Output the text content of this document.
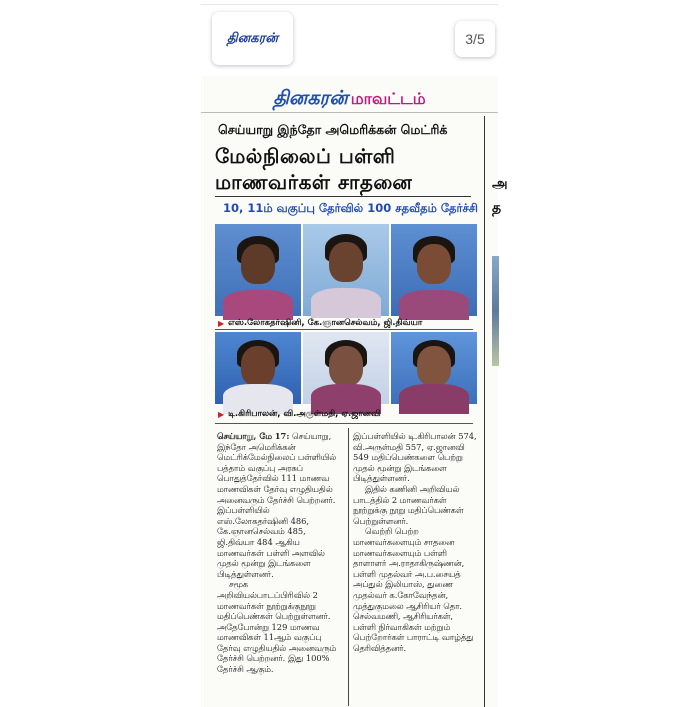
தினகரன்	3/5
தினகரன் மாவட்டம்
அ
த
செய்யாறு இந்தோ அமெரிக்கன் மெட்ரிக்
மேல்நிலைப் பள்ளி
மாணவர்கள் சாதனை
10, 11ம் வகுப்பு தேர்வில் 100 சதவீதம் தேர்ச்சி
▶ எஸ்.லோகதர்ஷினி, கே.ஞானசெல்வம், ஜி.திவ்யா
▶ டி.கிரிபாலன், வி.அருள்மதி, ஏ.ஜானவி

செய்யாறு, மே 17: செய்யாறு, இந்தோ அமெரிக்கன் மெட்ரிக்மேல்நிலைப் பள்ளியில் பத்தாம் வகுப்பு அரசுப் பொதுத்தேர்வில் 111 மாணவ மாணவிகள் தேர்வு எழுதியதில் அனைவரும் தேர்ச்சி பெற்றனர். இப்பள்ளியில் எஸ்.லோகதர்ஷினி 486, கே.ஞானசெல்வம் 485, ஜி.திவ்யா 484 ஆகிய மாணவர்கள் பள்ளி அளவில் முதல் மூன்று இடங்களை பிடித்துள்ளனர்.

சமூக அறிவியல்பாடப்பிரிவில் 2 மாணவர்கள் நூற்றுக்குநூறு மதிப்பெண்கள் பெற்றுள்ளனர். அதேபோன்று 129 மாணவ மாணவிகள் 11ஆம் வகுப்பு தேர்வு எழுதியதில் அனைவரும் தேர்ச்சி பெற்றனர். இது 100% தேர்ச்சி ஆகும்.

இப்பள்ளியில் டி.கிரிபாலன் 574, வி.அருள்மதி 557, ஏ.ஜானவி 549 மதிப்பெண்களை பெற்று முதல் மூன்று இடங்களை பிடித்துள்ளனர்.

இதில் கணினி அறிவியல் பாடத்தில் 2 மாணவர்கள் நூற்றுக்கு நூறு மதிப்பெண்கள் பெற்றுள்ளனர்.

வெற்றி பெற்ற மாணவர்களையும் சாதனை மாணவர்களையும் பள்ளி தாளாளர் அ.ராதாகிருஷ்ணன், பள்ளி முதல்வர் அ.ப.சையத் அப்துல் இலியாஸ், துணை முதல்வர் க.கோவேந்தன், முத்துகுமலை ஆசிரியர் தொ. செல்வமணி, ஆசிரியர்கள், பள்ளி நிர்வாகிகள் மற்றும் பெற்றோர்கள் பாராட்டி வாழ்த்து தெரிவித்தனர்.
